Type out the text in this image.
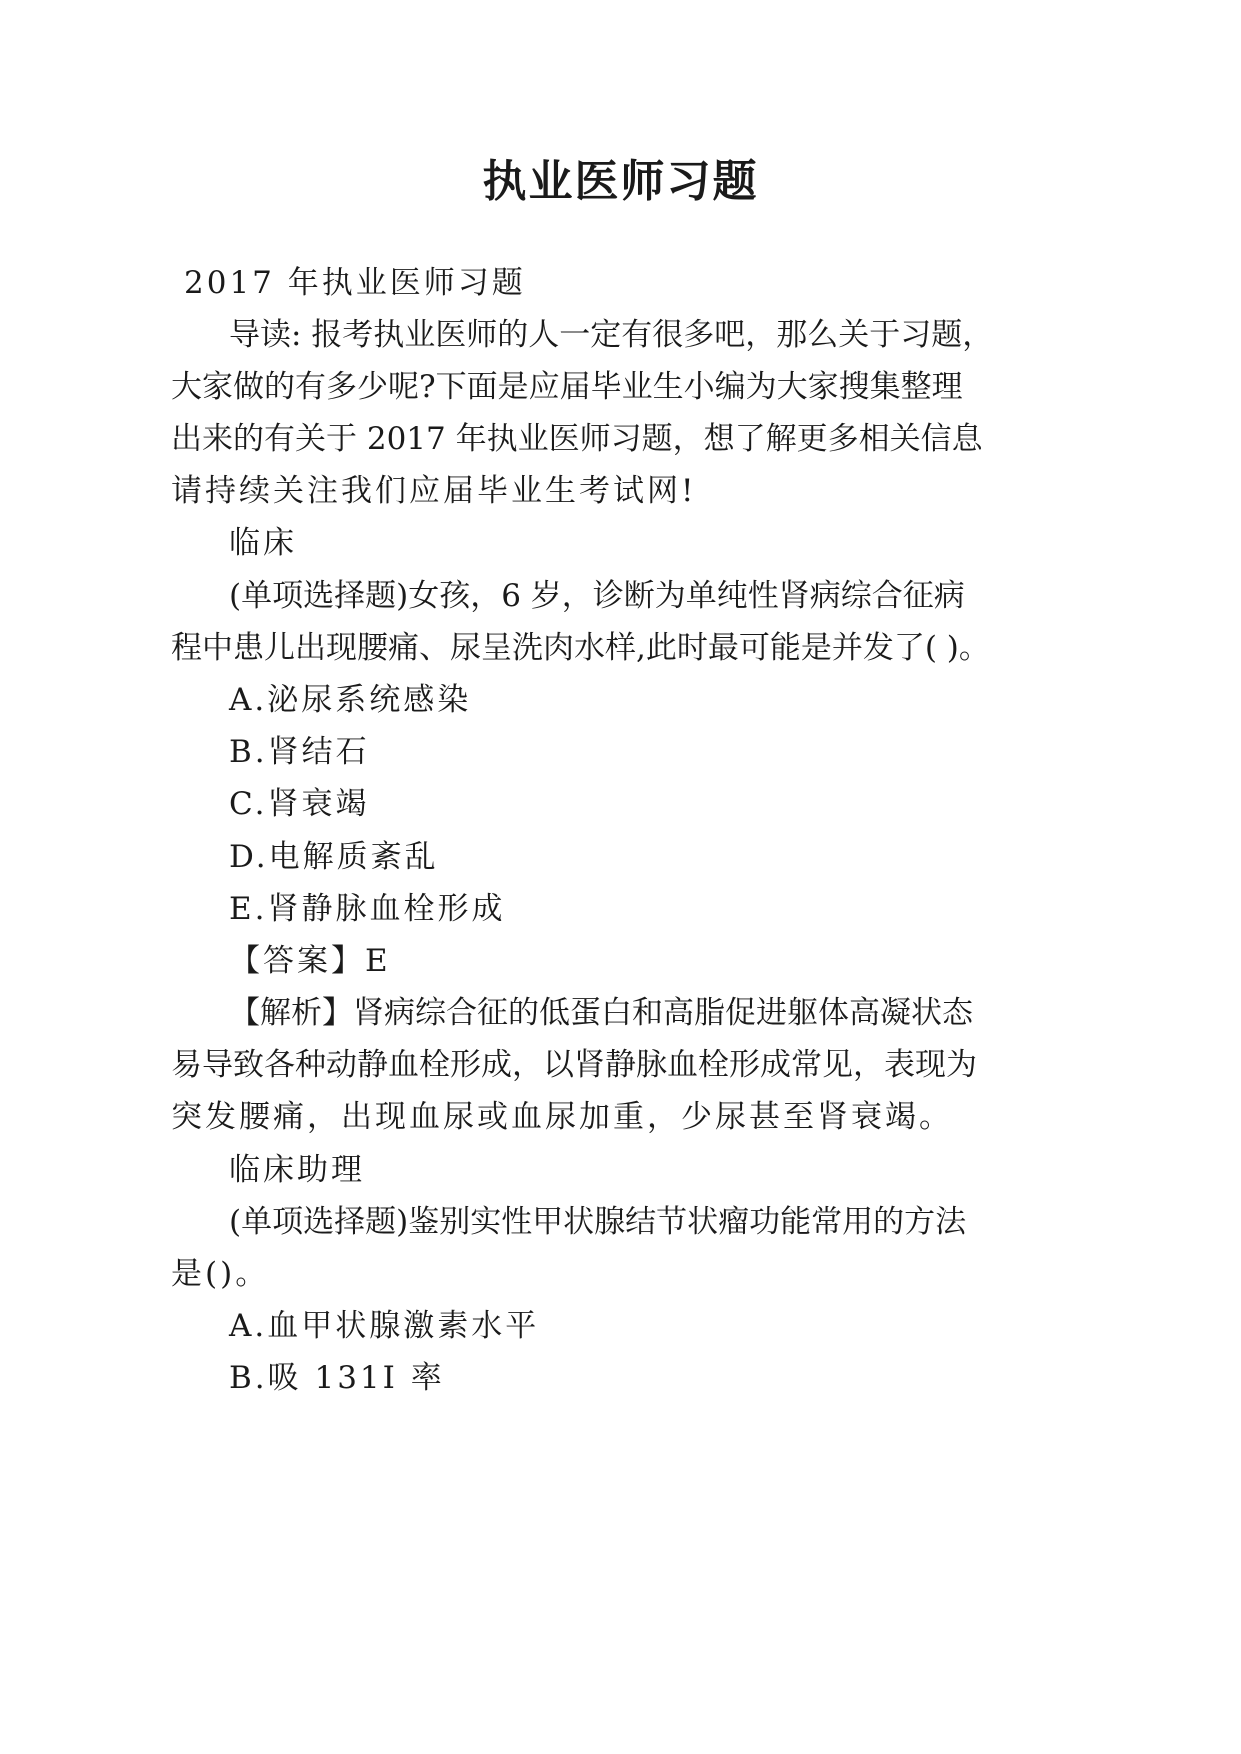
执业医师习题
2017 年执业医师习题
导读: 报考执业医师的人一定有很多吧，那么关于习题，
大家做的有多少呢?下面是应届毕业生小编为大家搜集整理
出来的有关于 2017 年执业医师习题，想了解更多相关信息
请持续关注我们应届毕业生考试网!
临床
(单项选择题)女孩，6 岁，诊断为单纯性肾病综合征病
程中患儿出现腰痛、尿呈洗肉水样,此时最可能是并发了( )。
A.泌尿系统感染
B.肾结石
C.肾衰竭
D.电解质紊乱
E.肾静脉血栓形成
【答案】E
【解析】肾病综合征的低蛋白和高脂促进躯体高凝状态
易导致各种动静血栓形成，以肾静脉血栓形成常见，表现为
突发腰痛，出现血尿或血尿加重，少尿甚至肾衰竭。
临床助理
(单项选择题)鉴别实性甲状腺结节状瘤功能常用的方法
是()。
A.血甲状腺激素水平
B.吸 131I 率
